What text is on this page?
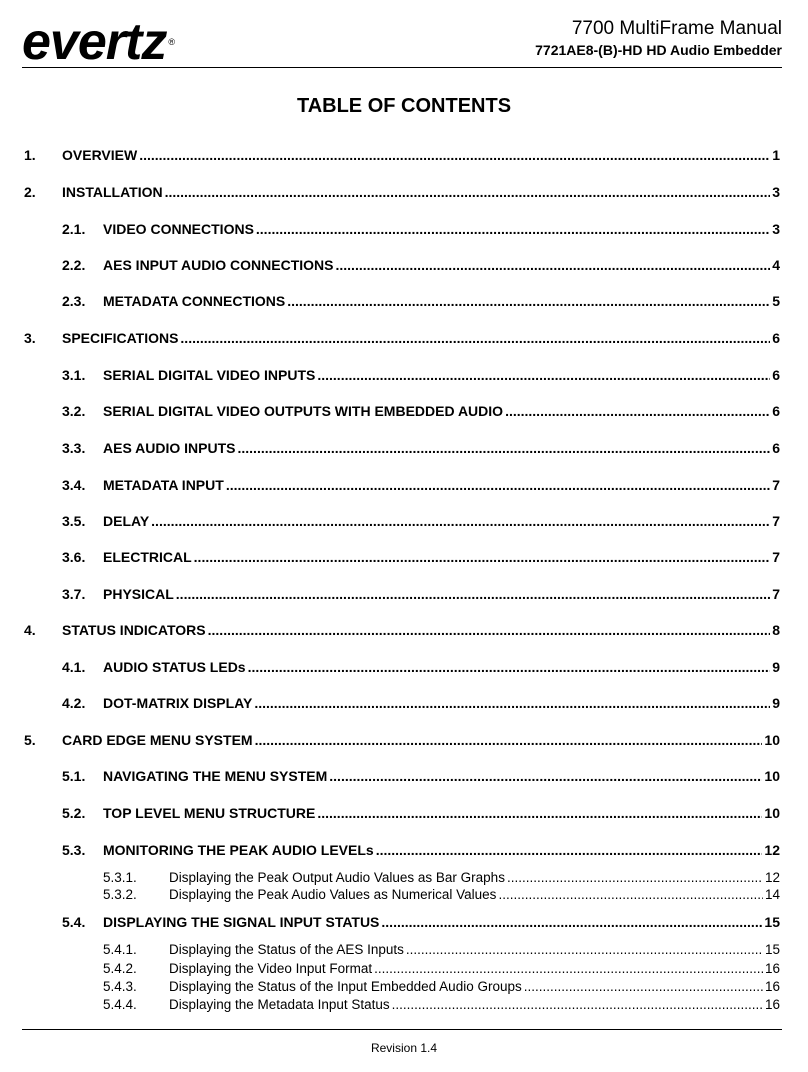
evertz ®
7700 MultiFrame Manual
7721AE8-(B)-HD HD Audio Embedder
TABLE OF CONTENTS
1. OVERVIEW .....	1
2. INSTALLATION .....	3
2.1. VIDEO CONNECTIONS .....	3
2.2. AES INPUT AUDIO CONNECTIONS .....	4
2.3. METADATA CONNECTIONS .....	5
3. SPECIFICATIONS .....	6
3.1. SERIAL DIGITAL VIDEO INPUTS .....	6
3.2. SERIAL DIGITAL VIDEO OUTPUTS WITH EMBEDDED AUDIO .....	6
3.3. AES AUDIO INPUTS .....	6
3.4. METADATA INPUT .....	7
3.5. DELAY .....	7
3.6. ELECTRICAL .....	7
3.7. PHYSICAL .....	7
4. STATUS INDICATORS .....	8
4.1. AUDIO STATUS LEDs .....	9
4.2. DOT-MATRIX DISPLAY .....	9
5. CARD EDGE MENU SYSTEM .....	10
5.1. NAVIGATING THE MENU SYSTEM .....	10
5.2. TOP LEVEL MENU STRUCTURE .....	10
5.3. MONITORING THE PEAK AUDIO LEVELs .....	12
5.3.1. Displaying the Peak Output Audio Values as Bar Graphs .....	12
5.3.2. Displaying the Peak Audio Values as Numerical Values .....	14
5.4. DISPLAYING THE SIGNAL INPUT STATUS .....	15
5.4.1. Displaying the Status of the AES Inputs .....	15
5.4.2. Displaying the Video Input Format .....	16
5.4.3. Displaying the Status of the Input Embedded Audio Groups .....	16
5.4.4. Displaying the Metadata Input Status .....	16
Revision 1.4
